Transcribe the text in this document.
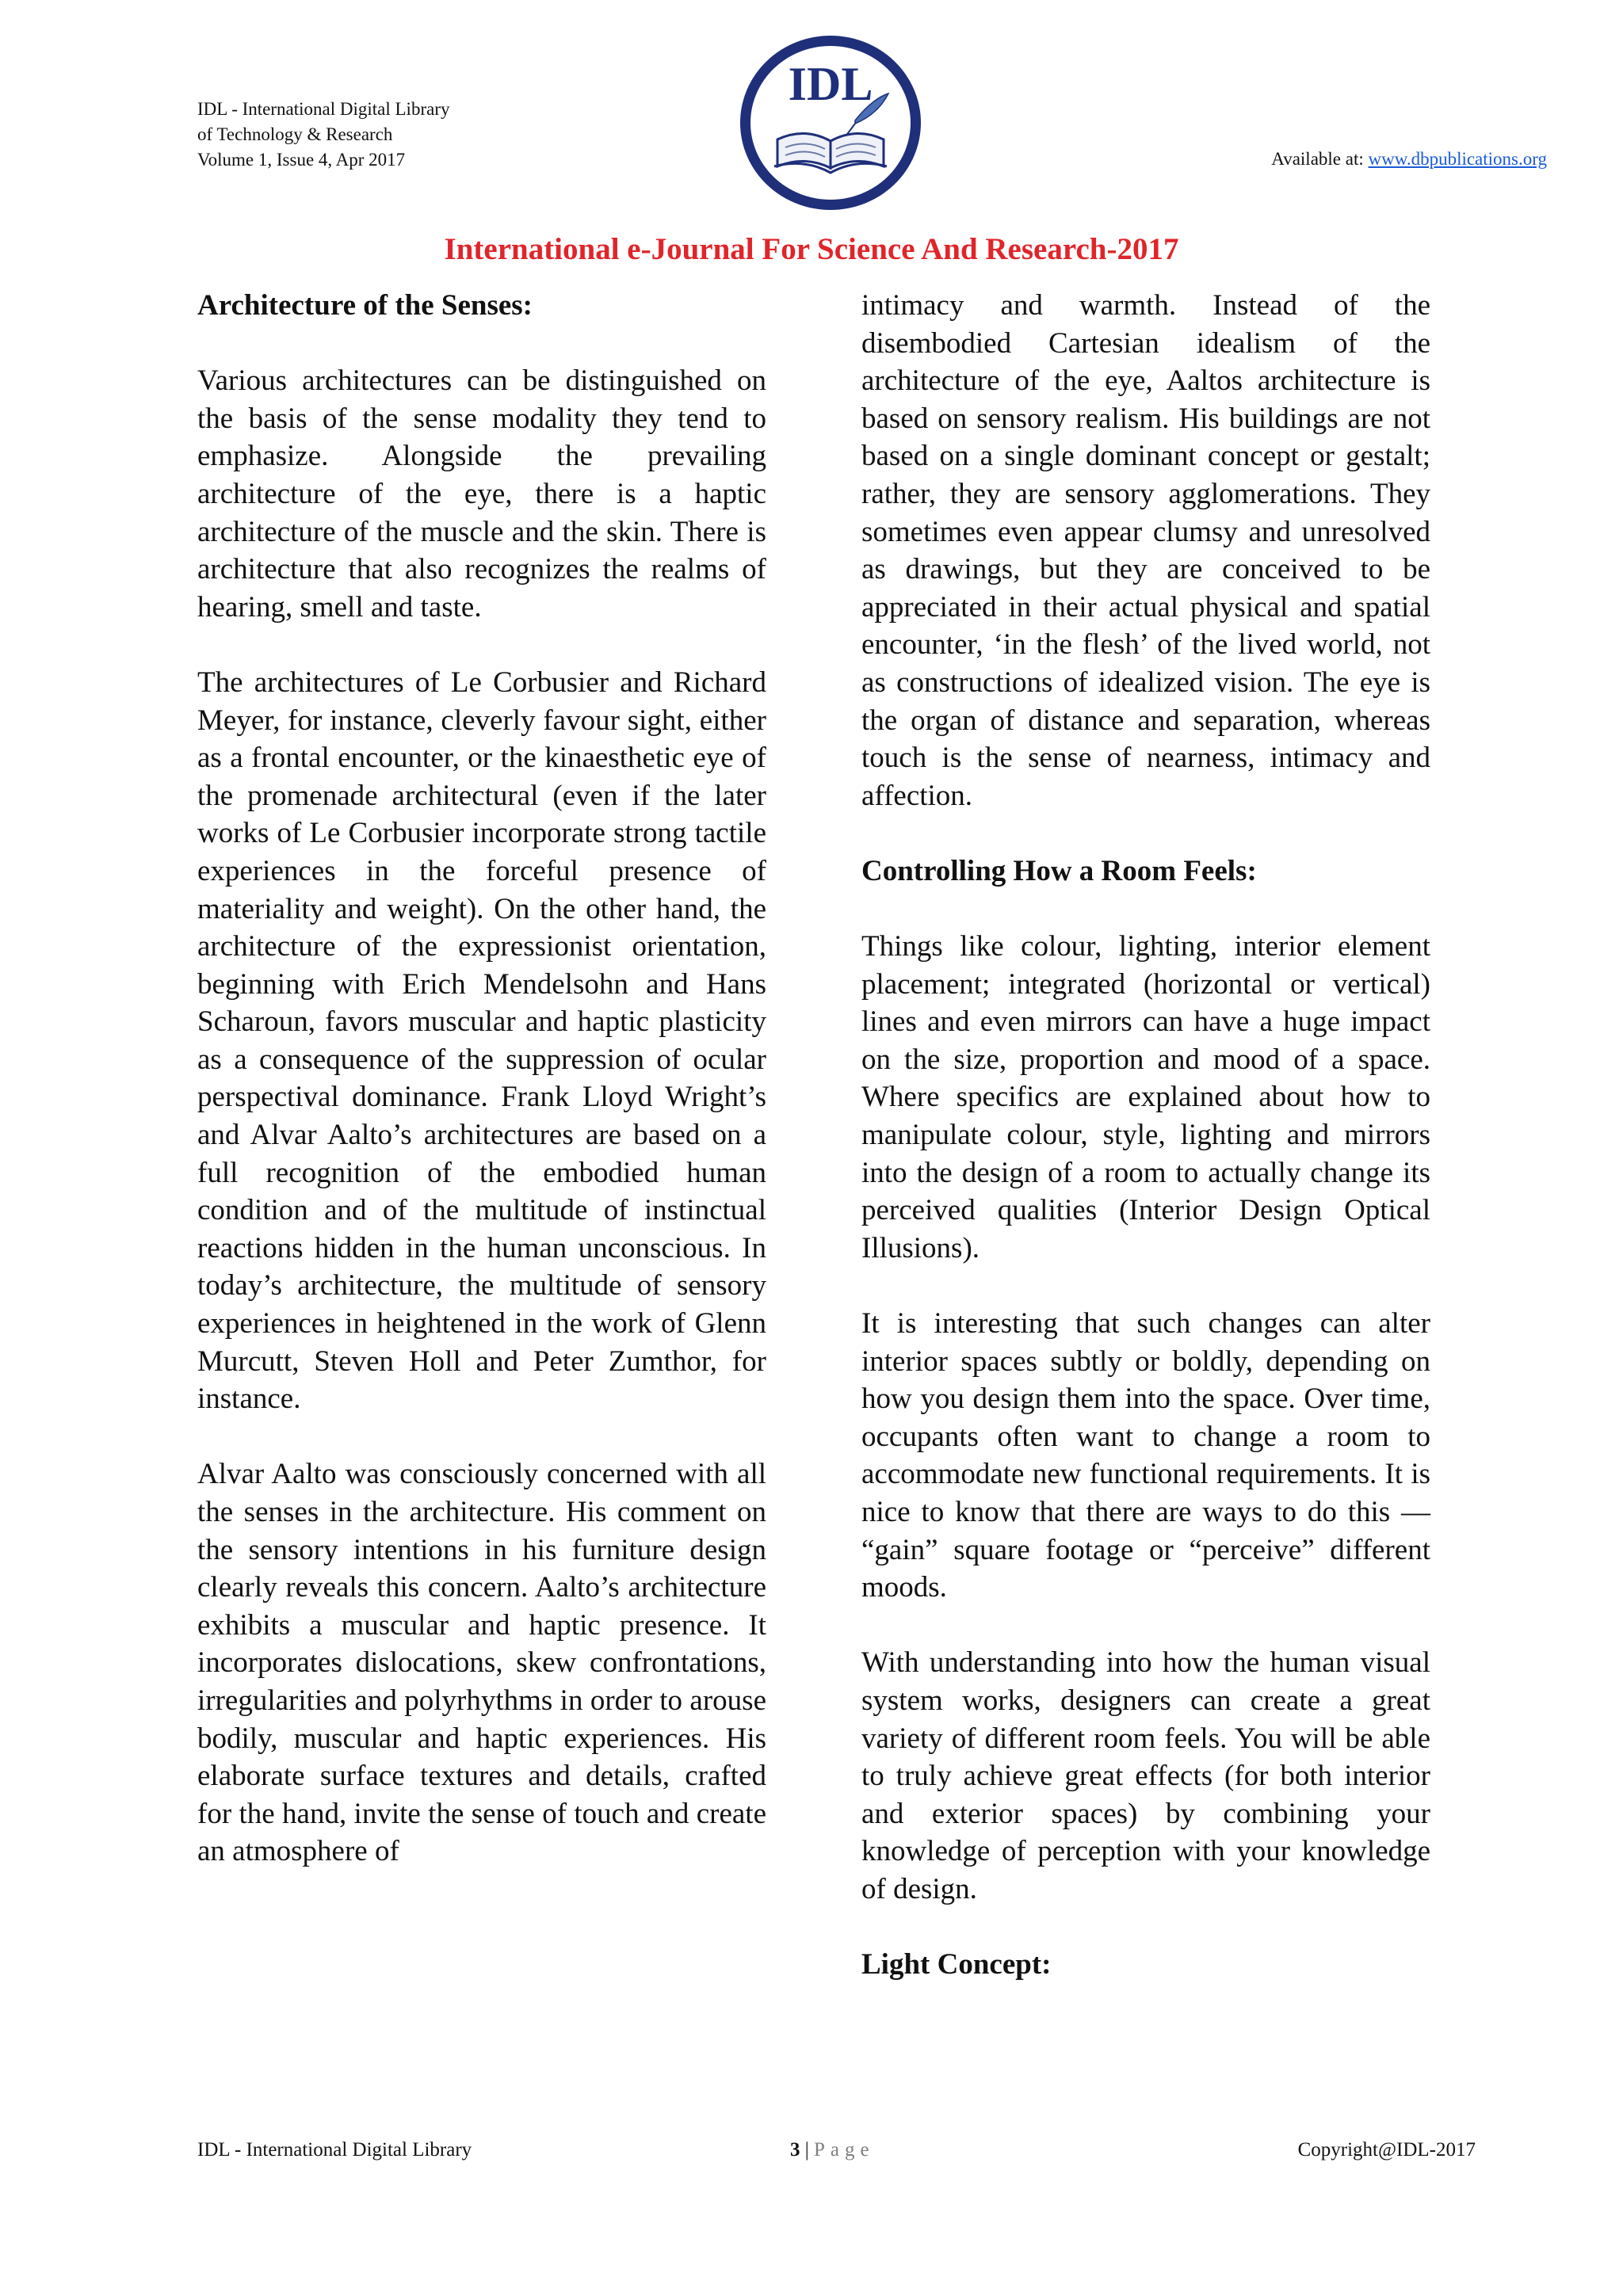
IDL - International Digital Library
of Technology & Research
Volume 1, Issue 4, Apr 2017
IDL
Available at: www.dbpublications.org
International e-Journal For Science And Research-2017
Architecture of the Senses:

Various architectures can be distinguished on the basis of the sense modality they tend to emphasize. Alongside the prevailing architecture of the eye, there is a haptic architecture of the muscle and the skin. There is architecture that also recognizes the realms of hearing, smell and taste.

The architectures of Le Corbusier and Richard Meyer, for instance, cleverly favour sight, either as a frontal encounter, or the kinaesthetic eye of the promenade architectural (even if the later works of Le Corbusier incorporate strong tactile experiences in the forceful presence of materiality and weight). On the other hand, the architecture of the expressionist orientation, beginning with Erich Mendelsohn and Hans Scharoun, favors muscular and haptic plasticity as a consequence of the suppression of ocular perspectival dominance. Frank Lloyd Wright’s and Alvar Aalto’s architectures are based on a full recognition of the embodied human condition and of the multitude of instinctual reactions hidden in the human unconscious. In today’s architecture, the multitude of sensory experiences in heightened in the work of Glenn Murcutt, Steven Holl and Peter Zumthor, for instance.

Alvar Aalto was consciously concerned with all the senses in the architecture. His comment on the sensory intentions in his furniture design clearly reveals this concern. Aalto’s architecture exhibits a muscular and haptic presence. It incorporates dislocations, skew confrontations, irregularities and polyrhythms in order to arouse bodily, muscular and haptic experiences. His elaborate surface textures and details, crafted for the hand, invite the sense of touch and create an atmosphere of

intimacy and warmth. Instead of the disembodied Cartesian idealism of the architecture of the eye, Aaltos architecture is based on sensory realism. His buildings are not based on a single dominant concept or gestalt; rather, they are sensory agglomerations. They sometimes even appear clumsy and unresolved as drawings, but they are conceived to be appreciated in their actual physical and spatial encounter, ‘in the flesh’ of the lived world, not as constructions of idealized vision. The eye is the organ of distance and separation, whereas touch is the sense of nearness, intimacy and affection.

Controlling How a Room Feels:

Things like colour, lighting, interior element placement; integrated (horizontal or vertical) lines and even mirrors can have a huge impact on the size, proportion and mood of a space. Where specifics are explained about how to manipulate colour, style, lighting and mirrors into the design of a room to actually change its perceived qualities (Interior Design Optical Illusions).

It is interesting that such changes can alter interior spaces subtly or boldly, depending on how you design them into the space. Over time, occupants often want to change a room to accommodate new functional requirements. It is nice to know that there are ways to do this — “gain” square footage or “perceive” different moods.

With understanding into how the human visual system works, designers can create a great variety of different room feels. You will be able to truly achieve great effects (for both interior and exterior spaces) by combining your knowledge of perception with your knowledge of design.

Light Concept:
IDL - International Digital Library	3 | Page	Copyright@IDL-2017
